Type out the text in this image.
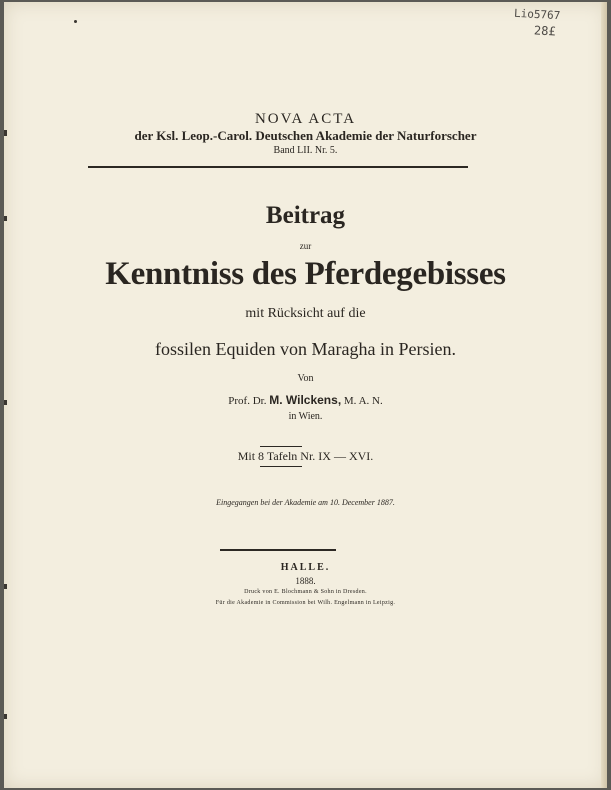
Lio5767
28£
NOVA ACTA
der Ksl. Leop.-Carol. Deutschen Akademie der Naturforscher
Band LII. Nr. 5.
Beitrag
zur
Kenntniss des Pferdegebisses
mit Rücksicht auf die
fossilen Equiden von Maragha in Persien.
Von
Prof. Dr. M. Wilckens, M. A. N.
in Wien.
Mit 8 Tafeln Nr. IX — XVI.
Eingegangen bei der Akademie am 10. December 1887.
HALLE.
1888.
Druck von E. Blochmann & Sohn in Dresden.
Für die Akademie in Commission bei Wilh. Engelmann in Leipzig.
